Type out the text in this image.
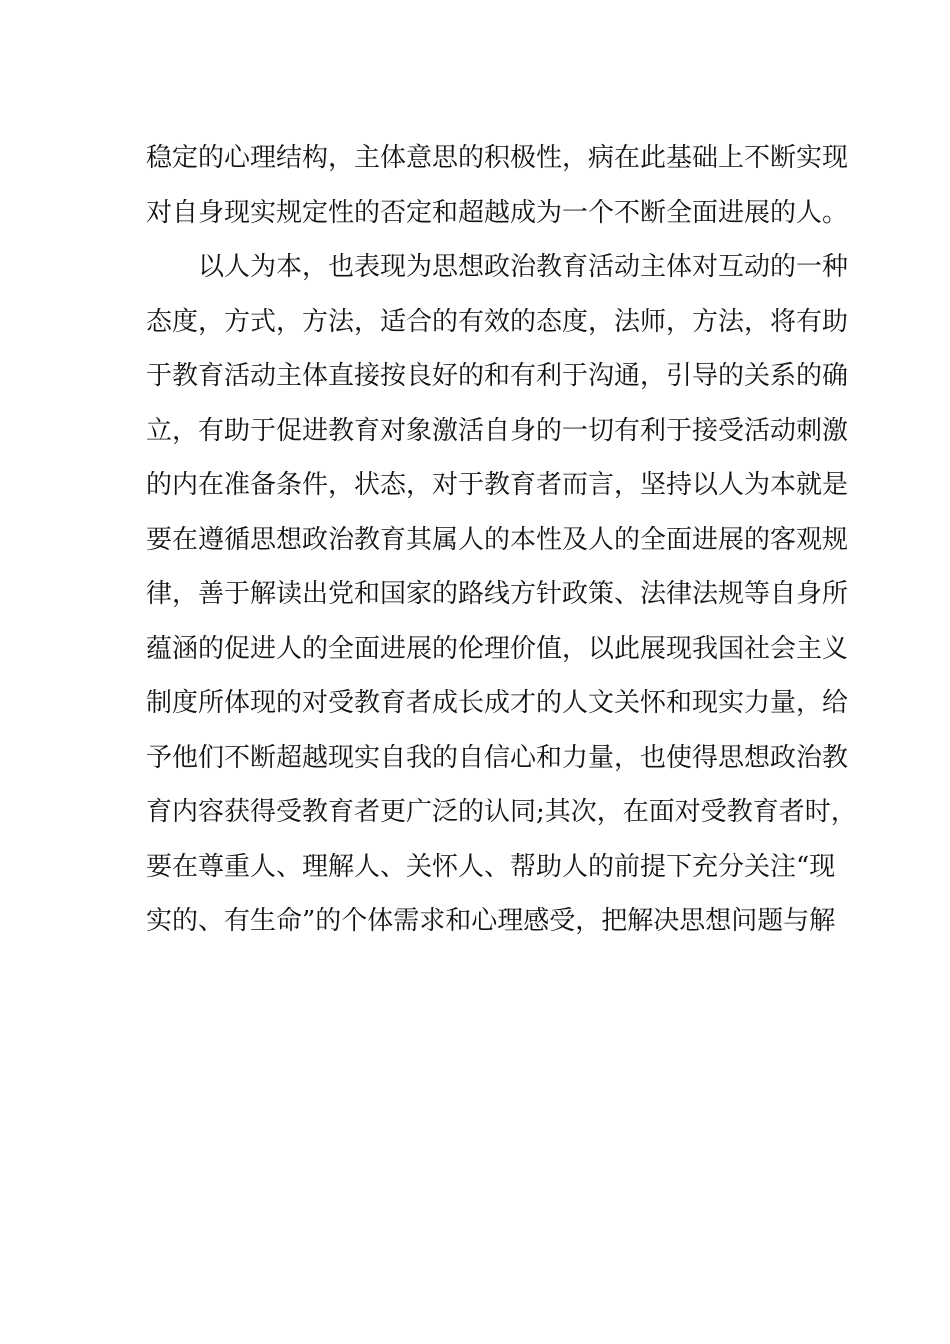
稳定的心理结构，主体意思的积极性，病在此基础上不断实现
对自身现实规定性的否定和超越成为一个不断全面进展的人。
以人为本，也表现为思想政治教育活动主体对互动的一种
态度，方式，方法，适合的有效的态度，法师，方法，将有助
于教育活动主体直接按良好的和有利于沟通，引导的关系的确
立，有助于促进教育对象激活自身的一切有利于接受活动刺激
的内在准备条件，状态，对于教育者而言，坚持以人为本就是
要在遵循思想政治教育其属人的本性及人的全面进展的客观规
律，善于解读出党和国家的路线方针政策、法律法规等自身所
蕴涵的促进人的全面进展的伦理价值，以此展现我国社会主义
制度所体现的对受教育者成长成才的人文关怀和现实力量，给
予他们不断超越现实自我的自信心和力量，也使得思想政治教
育内容获得受教育者更广泛的认同;其次，在面对受教育者时，
要在尊重人、理解人、关怀人、帮助人的前提下充分关注“现
实的、有生命”的个体需求和心理感受，把解决思想问题与解
